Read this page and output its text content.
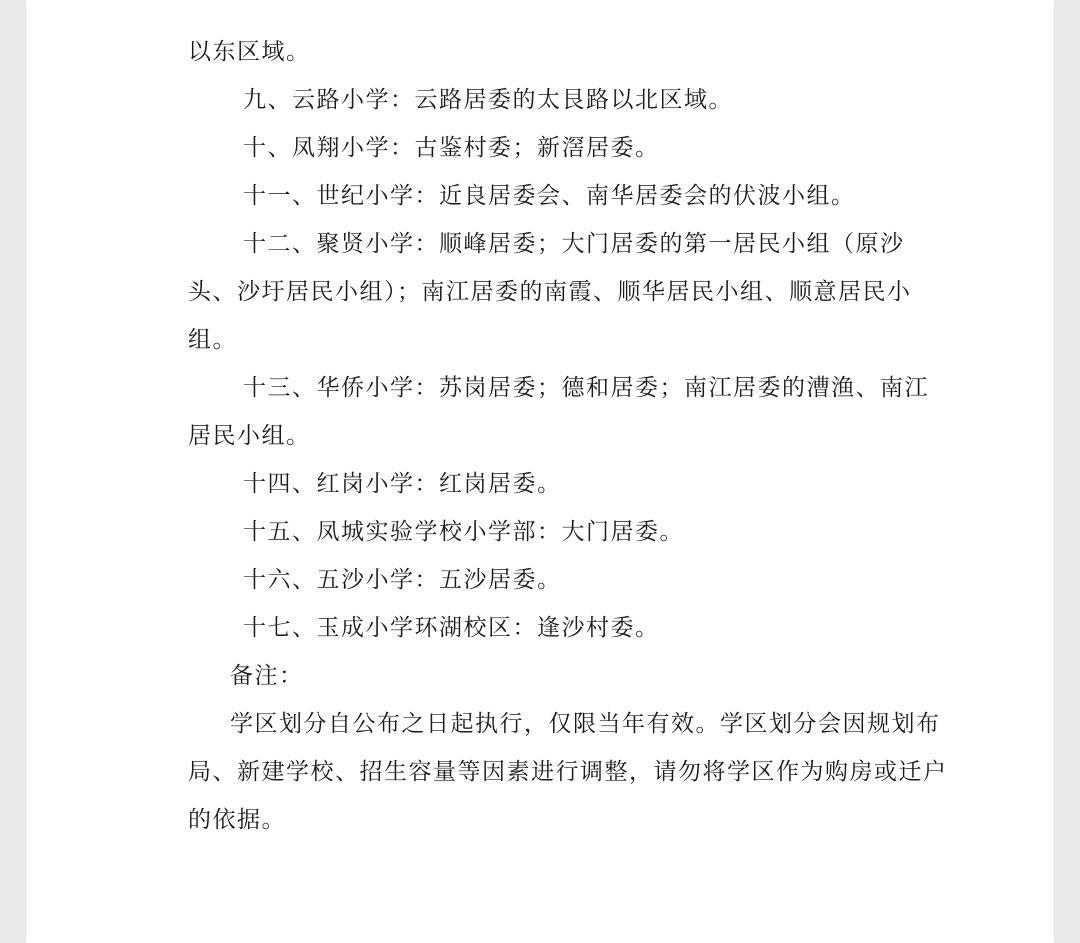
以东区域。

九、云路小学：云路居委的太艮路以北区域。

十、凤翔小学：古鉴村委；新滘居委。

十一、世纪小学：近良居委会、南华居委会的伏波小组。

十二、聚贤小学：顺峰居委；大门居委的第一居民小组（原沙头、沙圩居民小组）；南江居委的南霞、顺华居民小组、顺意居民小组。

十三、华侨小学：苏岗居委；德和居委；南江居委的漕渔、南江居民小组。

十四、红岗小学：红岗居委。

十五、凤城实验学校小学部：大门居委。

十六、五沙小学：五沙居委。

十七、玉成小学环湖校区：逢沙村委。

备注：

学区划分自公布之日起执行，仅限当年有效。学区划分会因规划布局、新建学校、招生容量等因素进行调整，请勿将学区作为购房或迁户的依据。
